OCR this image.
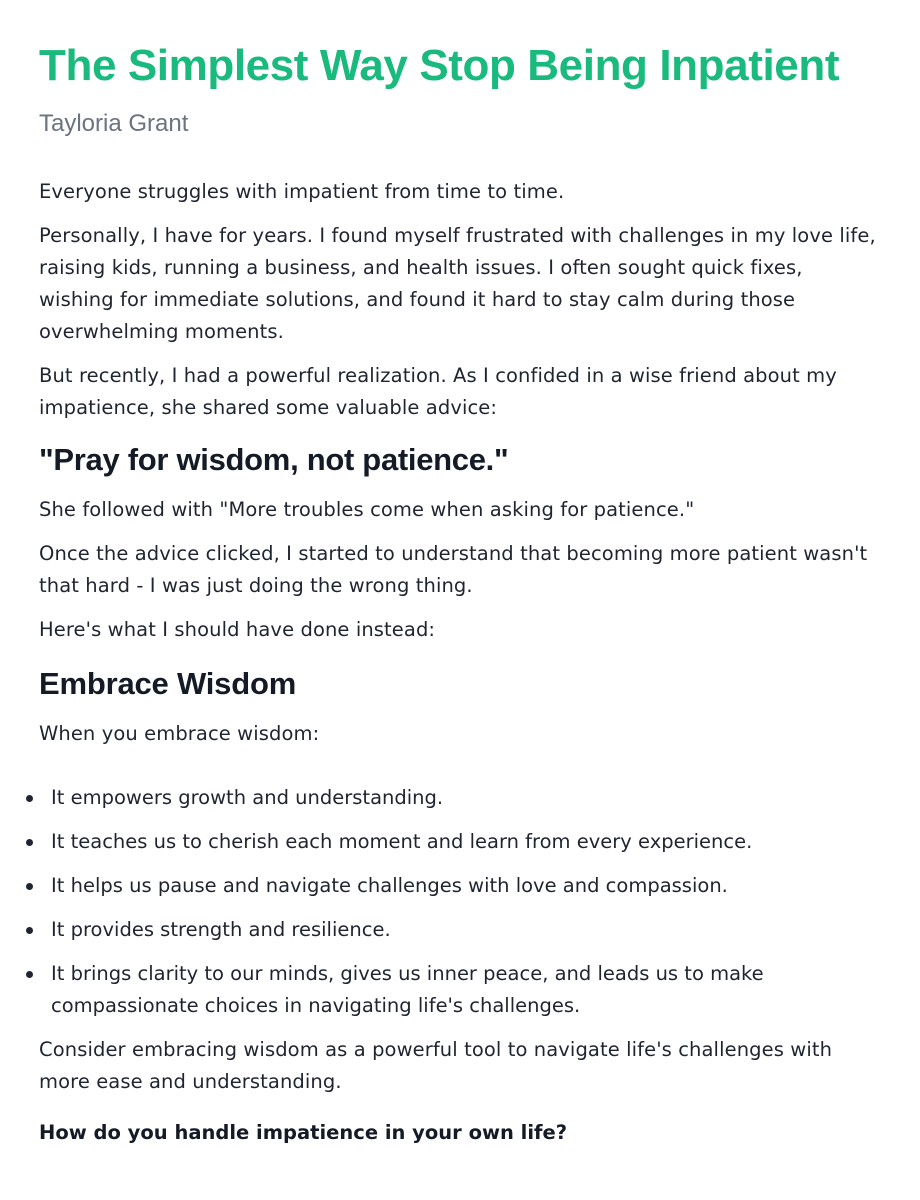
The Simplest Way Stop Being Inpatient
Tayloria Grant

Everyone struggles with impatient from time to time.

Personally, I have for years. I found myself frustrated with challenges in my love life, raising kids, running a business, and health issues. I often sought quick fixes, wishing for immediate solutions, and found it hard to stay calm during those overwhelming moments.

But recently, I had a powerful realization. As I confided in a wise friend about my impatience, she shared some valuable advice:

"Pray for wisdom, not patience."

She followed with "More troubles come when asking for patience."

Once the advice clicked, I started to understand that becoming more patient wasn't that hard - I was just doing the wrong thing.

Here's what I should have done instead:

Embrace Wisdom

When you embrace wisdom:

It empowers growth and understanding.
It teaches us to cherish each moment and learn from every experience.
It helps us pause and navigate challenges with love and compassion.
It provides strength and resilience.
It brings clarity to our minds, gives us inner peace, and leads us to make compassionate choices in navigating life's challenges.

Consider embracing wisdom as a powerful tool to navigate life's challenges with more ease and understanding.

How do you handle impatience in your own life?
